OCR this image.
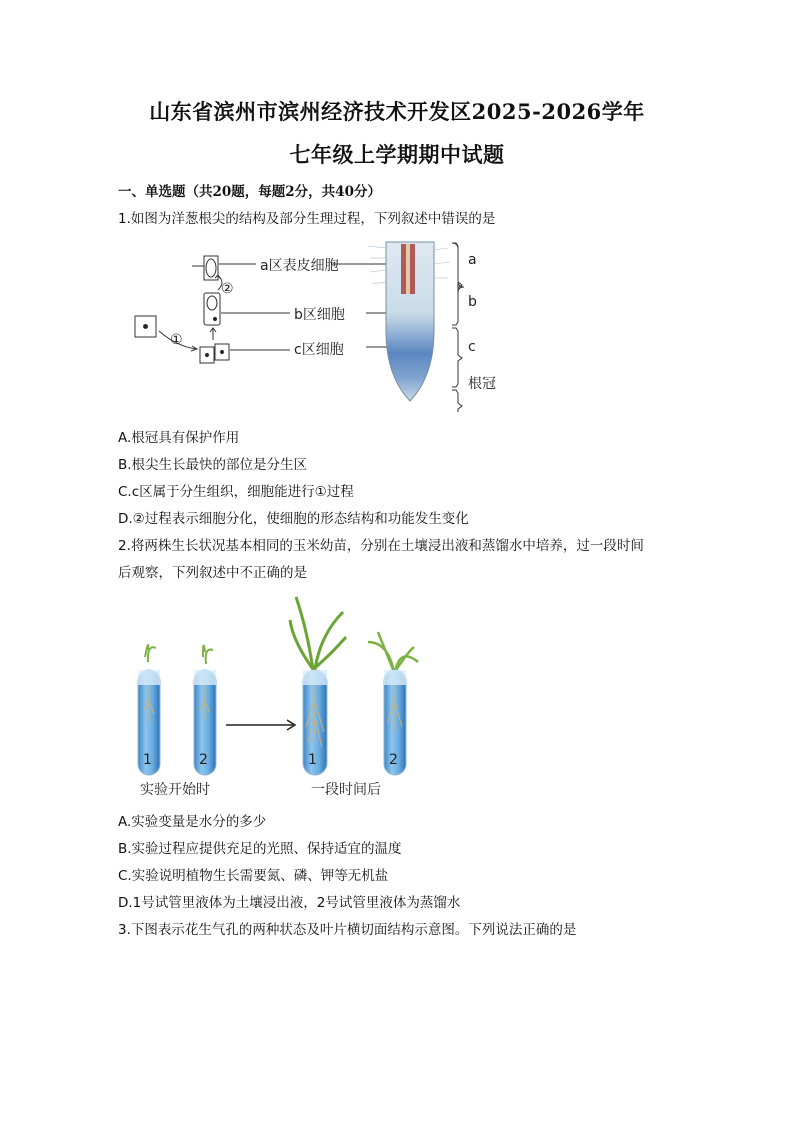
山东省滨州市滨州经济技术开发区2025-2026学年
七年级上学期期中试题
一、单选题（共20题，每题2分，共40分）
1.如图为洋葱根尖的结构及部分生理过程，下列叙述中错误的是
①
②
a区表皮细胞
b区细胞
c区细胞
a
b
c
根冠
A.根冠具有保护作用
B.根尖生长最快的部位是分生区
C.c区属于分生组织，细胞能进行①过程
D.②过程表示细胞分化，使细胞的形态结构和功能发生变化
2.将两株生长状况基本相同的玉米幼苗，分别在土壤浸出液和蒸馏水中培养，过一段时间
后观察，下列叙述中不正确的是
1	2	1	2
实验开始时	一段时间后
A.实验变量是水分的多少
B.实验过程应提供充足的光照、保持适宜的温度
C.实验说明植物生长需要氮、磷、钾等无机盐
D.1号试管里液体为土壤浸出液，2号试管里液体为蒸馏水
3.下图表示花生气孔的两种状态及叶片横切面结构示意图。下列说法正确的是
